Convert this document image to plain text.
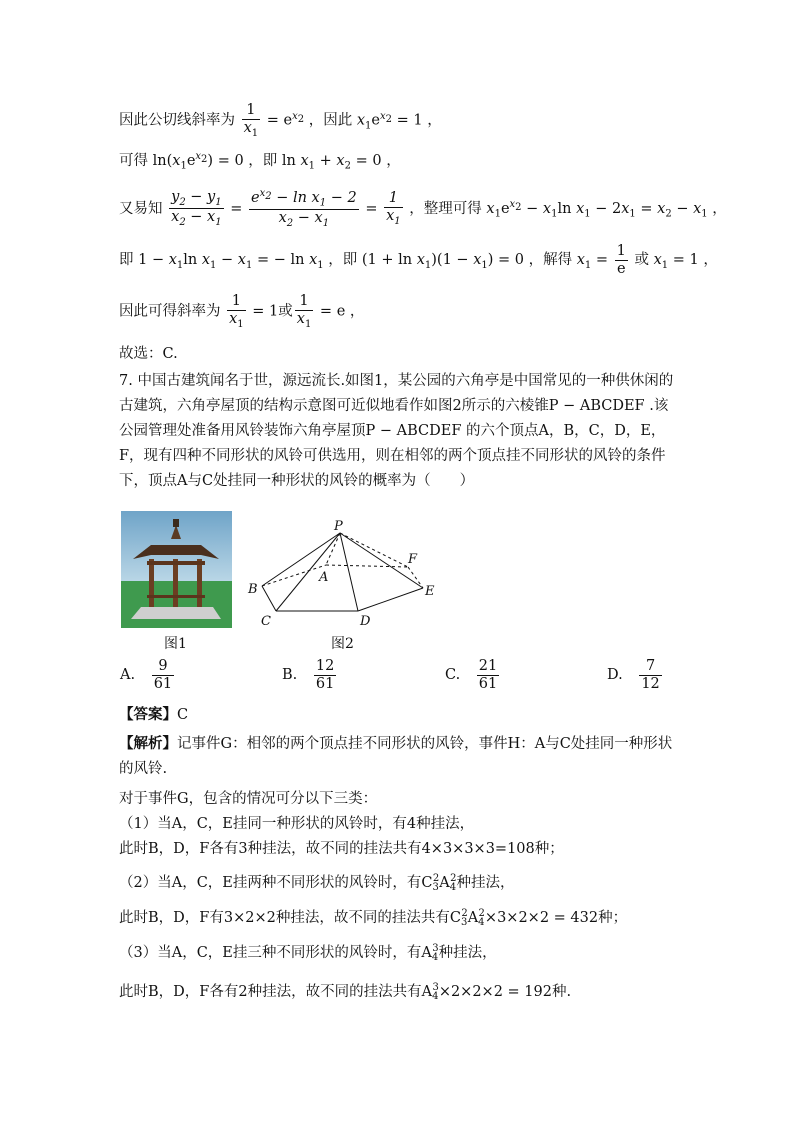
因此公切线斜率为 $\frac{1}{x_1} = e^{x_2}$ ，因此 $x_1e^{x_2} = 1$ ，
可得 $\ln(x_1e^{x_2}) = 0$ ，即 $\ln x_1 + x_2 = 0$ ，
又易知 $\frac{y_2 - y_1}{x_2 - x_1} = \frac{e^{x_2} - \ln x_1 - 2}{x_2 - x_1} = \frac{1}{x_1}$ ，整理可得 $x_1e^{x_2} - x_1\ln$ $x_1 - 2x_1 = x_2 - x_1$ ，
即 $1 - x_1\ln$ $x_1 - x_1$ = − $\ln x_1$ ，即 $(1 + \ln x_1)(1 - x_1) = 0$ ，解得 $x_1 = \frac{1}{e}$ 或 $x_1 = 1$ ，
因此可得斜率为 $\frac{1}{x_1} = 1$或 $\frac{1}{x_1} = e$ ，
故选：C.
7. 中国古建筑闻名于世，源远流长.如图1，某公园的六角亭是中国常见的一种供休闲的古建筑，六角亭屋顶的结构示意图可近似地看作如图2所示的六棱锥P − ABCDEF .该公园管理处准备用风铃装饰六角亭屋顶P − ABCDEF 的六个顶点A，B，C，D，E，F，现有四种不同形状的风铃可供选用，则在相邻的两个顶点挂不同形状的风铃的条件下，顶点A与C处挂同一种形状的风铃的概率为（　　）
图1
P
A
B
C	D
E
F
图2
A. $\frac{9}{61}$	B. $\frac{12}{61}$	C. $\frac{21}{61}$	D. $\frac{7}{12}$
【答案】C
【解析】记事件G：相邻的两个顶点挂不同形状的风铃，事件H：A与C处挂同一种形状的风铃.
对于事件G，包含的情况可分以下三类：
（1）当A，C，E挂同一种形状的风铃时，有4种挂法，
此时B，D，F各有3种挂法，故不同的挂法共有4×3×3×3=108种；
（2）当A，C，E挂两种不同形状的风铃时，有$C_3^2A_4^2$种挂法，
此时B，D，F有3×2×2种挂法，故不同的挂法共有$C_3^2A_4^2\times 3\times 2\times 2 = 432$种；
（3）当A，C，E挂三种不同形状的风铃时，有$A_4^3$种挂法，
此时B，D，F各有2种挂法，故不同的挂法共有$A_4^3\times 2\times 2\times 2 = 192$种.
